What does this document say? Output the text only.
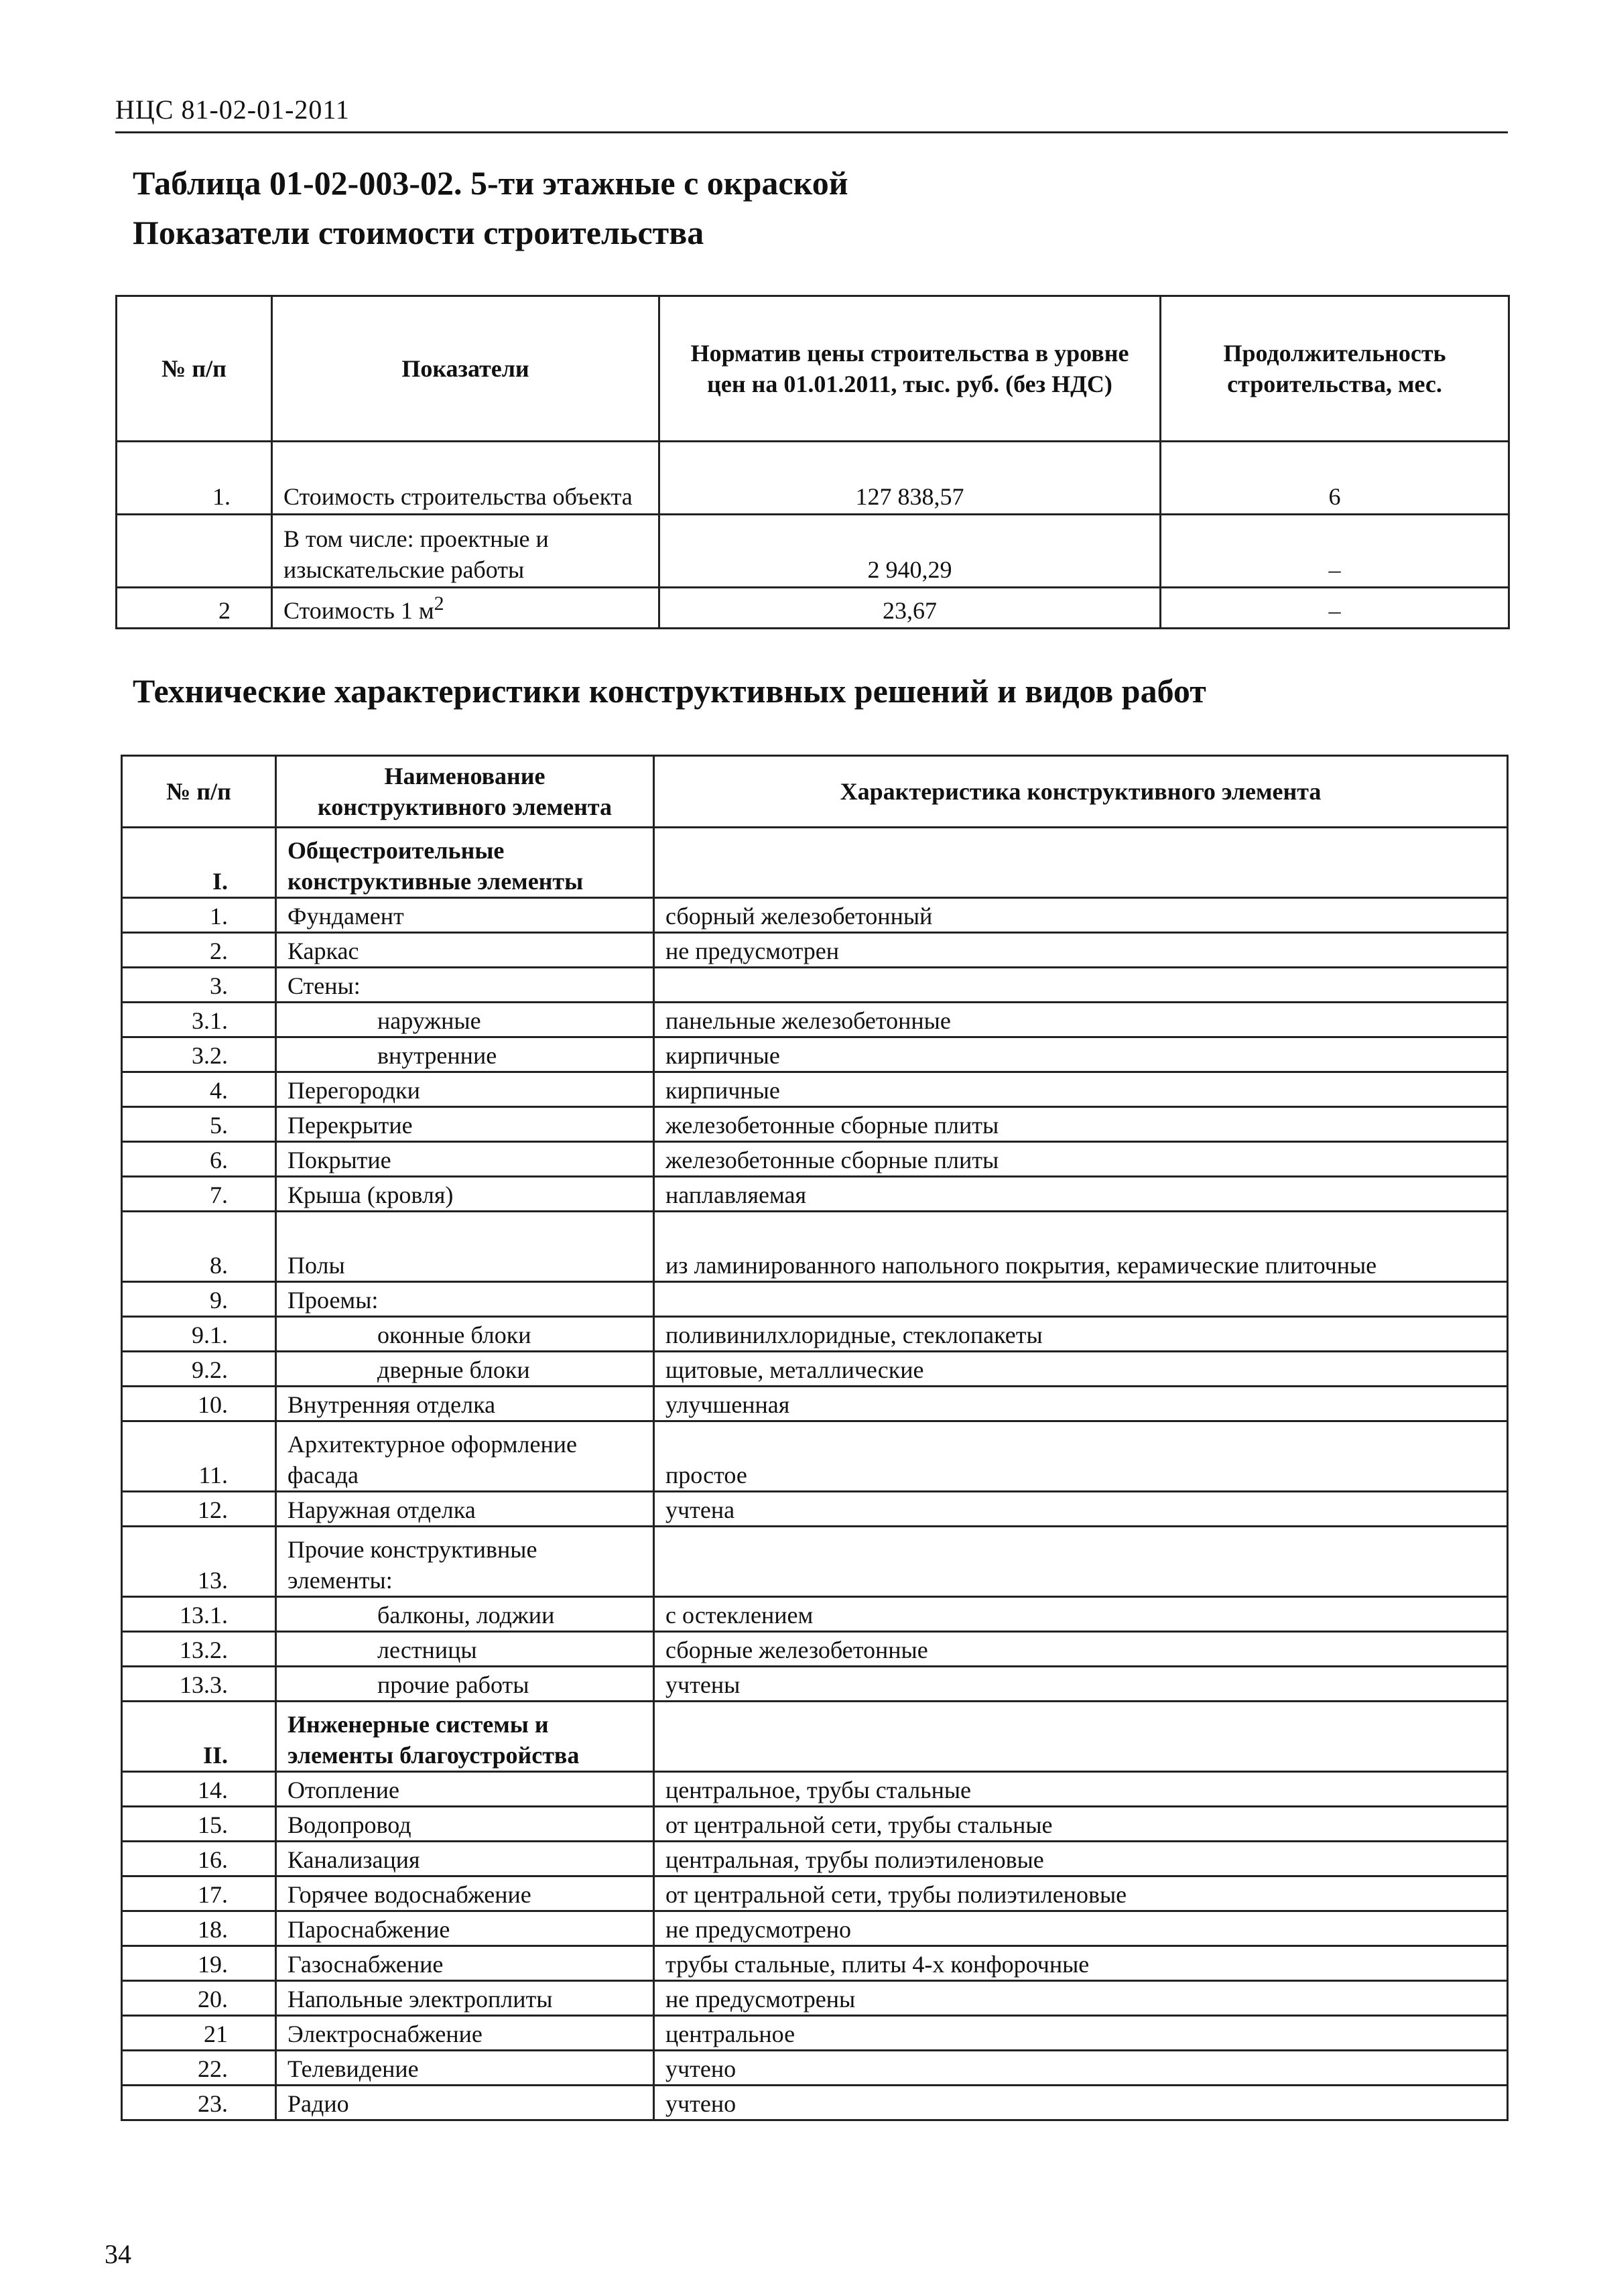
НЦС 81-02-01-2011
Таблица 01-02-003-02. 5-ти этажные с окраской
Показатели стоимости строительства
№ п/п	Показатели	Норматив цены строительства в уровне цен на 01.01.2011, тыс. руб. (без НДС)	Продолжительность строительства, мес.
1.	Стоимость строительства объекта	127 838,57	6
	В том числе: проектные и изыскательские работы	2 940,29	–
2	Стоимость 1 $м^2$	23,67	–
Технические характеристики конструктивных решений и видов работ
№ п/п	Наименование конструктивного элемента	Характеристика конструктивного элемента
I.	Общестроительные конструктивные элементы	
1.	Фундамент	сборный железобетонный
2.	Каркас	не предусмотрен
3.	Стены:	
3.1.	наружные	панельные железобетонные
3.2.	внутренние	кирпичные
4.	Перегородки	кирпичные
5.	Перекрытие	железобетонные сборные плиты
6.	Покрытие	железобетонные сборные плиты
7.	Крыша (кровля)	наплавляемая
8.	Полы	из ламинированного напольного покрытия, керамические плиточные
9.	Проемы:	
9.1.	оконные блоки	поливинилхлоридные, стеклопакеты
9.2.	дверные блоки	щитовые, металлические
10.	Внутренняя отделка	улучшенная
11.	Архитектурное оформление фасада	простое
12.	Наружная отделка	учтена
13.	Прочие конструктивные элементы:	
13.1.	балконы, лоджии	с остеклением
13.2.	лестницы	сборные железобетонные
13.3.	прочие работы	учтены
II.	Инженерные системы и элементы благоустройства	
14.	Отопление	центральное, трубы стальные
15.	Водопровод	от центральной сети, трубы стальные
16.	Канализация	центральная, трубы полиэтиленовые
17.	Горячее водоснабжение	от центральной сети, трубы полиэтиленовые
18.	Пароснабжение	не предусмотрено
19.	Газоснабжение	трубы стальные, плиты 4-х конфорочные
20.	Напольные электроплиты	не предусмотрены
21	Электроснабжение	центральное
22.	Телевидение	учтено
23.	Радио	учтено
34
